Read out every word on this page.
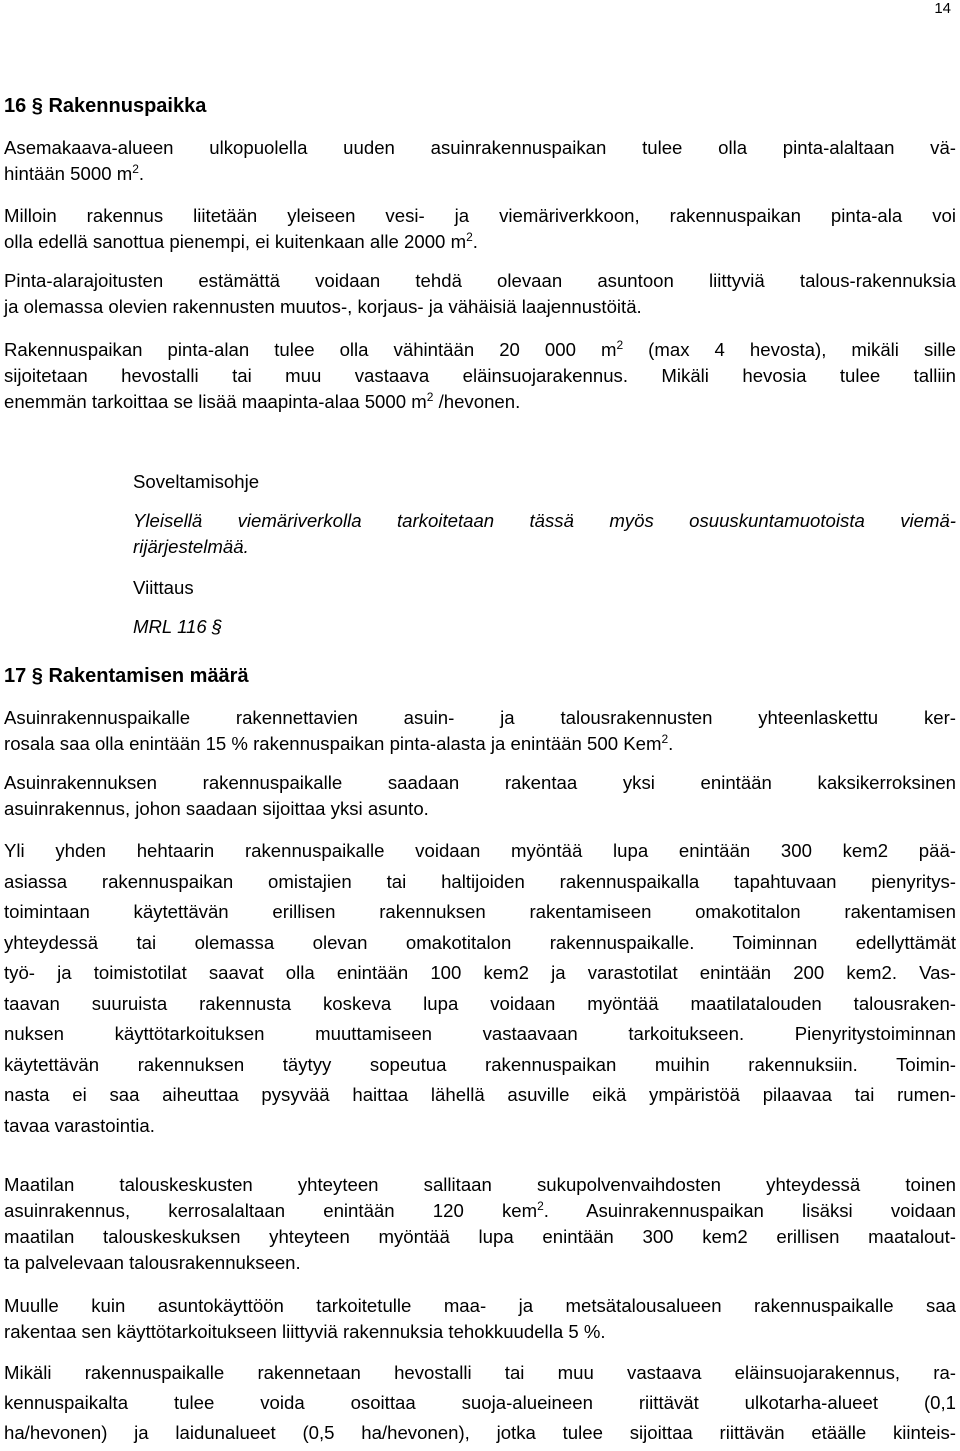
14
16 § Rakennuspaikka

Asemakaava-alueen ulkopuolella uuden asuinrakennuspaikan tulee olla pinta-alaltaan vä-

hintään 5000 $m^2$.

Milloin rakennus liitetään yleiseen vesi- ja viemäriverkkoon, rakennuspaikan pinta-ala voi

olla edellä sanottua pienempi, ei kuitenkaan alle 2000 $m^2$.

Pinta-alarajoitusten estämättä voidaan tehdä olevaan asuntoon liittyviä talous-rakennuksia

ja olemassa olevien rakennusten muutos-, korjaus- ja vähäisiä laajennustöitä.

Rakennuspaikan pinta-alan tulee olla vähintään 20 000 $m^2$ (max 4 hevosta), mikäli sille

sijoitetaan hevostalli tai muu vastaava eläinsuojarakennus. Mikäli hevosia tulee talliin

enemmän tarkoittaa se lisää maapinta-alaa 5000 $m^2$ /hevonen.

Soveltamisohje

Yleisellä viemäriverkolla tarkoitetaan tässä myös osuuskuntamuotoista viemä-

rijärjestelmää.

Viittaus

MRL 116 §

17 § Rakentamisen määrä

Asuinrakennuspaikalle rakennettavien asuin- ja talousrakennusten yhteenlaskettu ker-

rosala saa olla enintään 15 % rakennuspaikan pinta-alasta ja enintään 500 Kem$^2$.

Asuinrakennuksen rakennuspaikalle saadaan rakentaa yksi enintään kaksikerroksinen

asuinrakennus, johon saadaan sijoittaa yksi asunto.

Yli yhden hehtaarin rakennuspaikalle voidaan myöntää lupa enintään 300 kem2 pää-

asiassa rakennuspaikan omistajien tai haltijoiden rakennuspaikalla tapahtuvaan pienyritys-

toimintaan käytettävän erillisen rakennuksen rakentamiseen omakotitalon rakentamisen

yhteydessä tai olemassa olevan omakotitalon rakennuspaikalle. Toiminnan edellyttämät

työ- ja toimistotilat saavat olla enintään 100 kem2 ja varastotilat enintään 200 kem2. Vas-

taavan suuruista rakennusta koskeva lupa voidaan myöntää maatilatalouden talousraken-

nuksen käyttötarkoituksen muuttamiseen vastaavaan tarkoitukseen. Pienyritystoiminnan

käytettävän rakennuksen täytyy sopeutua rakennuspaikan muihin rakennuksiin. Toimin-

nasta ei saa aiheuttaa pysyvää haittaa lähellä asuville eikä ympäristöä pilaavaa tai rumen-

tavaa varastointia.

Maatilan talouskeskusten yhteyteen sallitaan sukupolvenvaihdosten yhteydessä toinen

asuinrakennus, kerrosalaltaan enintään 120 kem$^2$. Asuinrakennuspaikan lisäksi voidaan

maatilan talouskeskuksen yhteyteen myöntää lupa enintään 300 kem2 erillisen maatalout-

ta palvelevaan talousrakennukseen.

Muulle kuin asuntokäyttöön tarkoitetulle maa- ja metsätalousalueen rakennuspaikalle saa

rakentaa sen käyttötarkoitukseen liittyviä rakennuksia tehokkuudella 5 %.

Mikäli rakennuspaikalle rakennetaan hevostalli tai muu vastaava eläinsuojarakennus, ra-

kennuspaikalta tulee voida osoittaa suoja-alueineen riittävät ulkotarha-alueet (0,1

ha/hevonen) ja laidunalueet (0,5 ha/hevonen), jotka tulee sijoittaa riittävän etäälle kiinteis-
